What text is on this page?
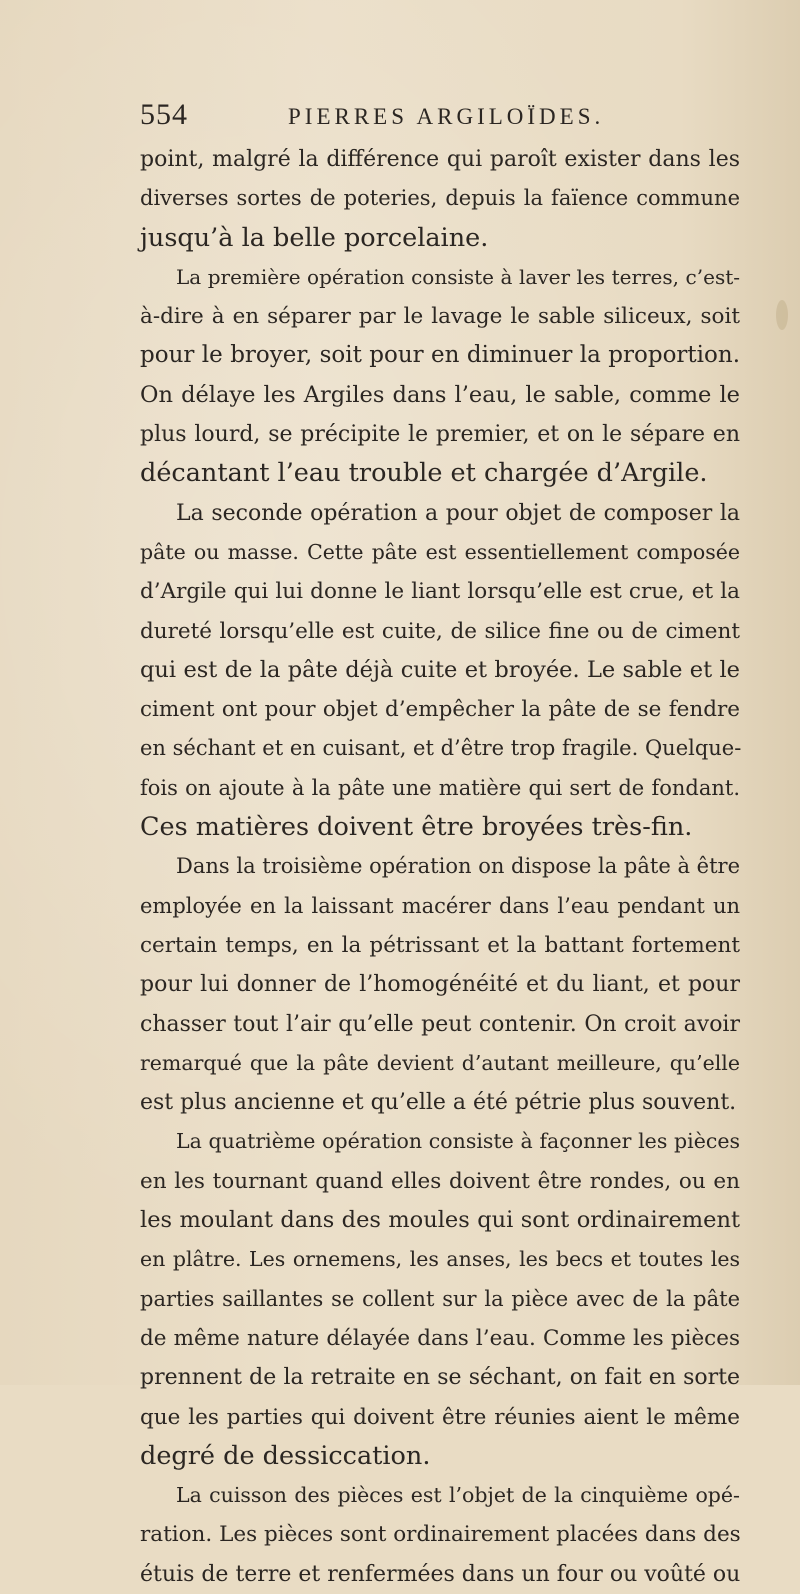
554	PIERRES ARGILOÏDES.
point, malgré la différence qui paroît exister dans les
diverses sortes de poteries, depuis la faïence commune
jusqu’à la belle porcelaine.
La première opération consiste à laver les terres, c’est-
à-dire à en séparer par le lavage le sable siliceux, soit
pour le broyer, soit pour en diminuer la proportion.
On délaye les Argiles dans l’eau, le sable, comme le
plus lourd, se précipite le premier, et on le sépare en
décantant l’eau trouble et chargée d’Argile.
La seconde opération a pour objet de composer la
pâte ou masse. Cette pâte est essentiellement composée
d’Argile qui lui donne le liant lorsqu’elle est crue, et la
dureté lorsqu’elle est cuite, de silice fine ou de ciment
qui est de la pâte déjà cuite et broyée. Le sable et le
ciment ont pour objet d’empêcher la pâte de se fendre
en séchant et en cuisant, et d’être trop fragile. Quelque-
fois on ajoute à la pâte une matière qui sert de fondant.
Ces matières doivent être broyées très-fin.
Dans la troisième opération on dispose la pâte à être
employée en la laissant macérer dans l’eau pendant un
certain temps, en la pétrissant et la battant fortement
pour lui donner de l’homogénéité et du liant, et pour
chasser tout l’air qu’elle peut contenir. On croit avoir
remarqué que la pâte devient d’autant meilleure, qu’elle
est plus ancienne et qu’elle a été pétrie plus souvent.
La quatrième opération consiste à façonner les pièces
en les tournant quand elles doivent être rondes, ou en
les moulant dans des moules qui sont ordinairement
en plâtre. Les ornemens, les anses, les becs et toutes les
parties saillantes se collent sur la pièce avec de la pâte
de même nature délayée dans l’eau. Comme les pièces
prennent de la retraite en se séchant, on fait en sorte
que les parties qui doivent être réunies aient le même
degré de dessiccation.
La cuisson des pièces est l’objet de la cinquième opé-
ration. Les pièces sont ordinairement placées dans des
étuis de terre et renfermées dans un four ou voûté ou
